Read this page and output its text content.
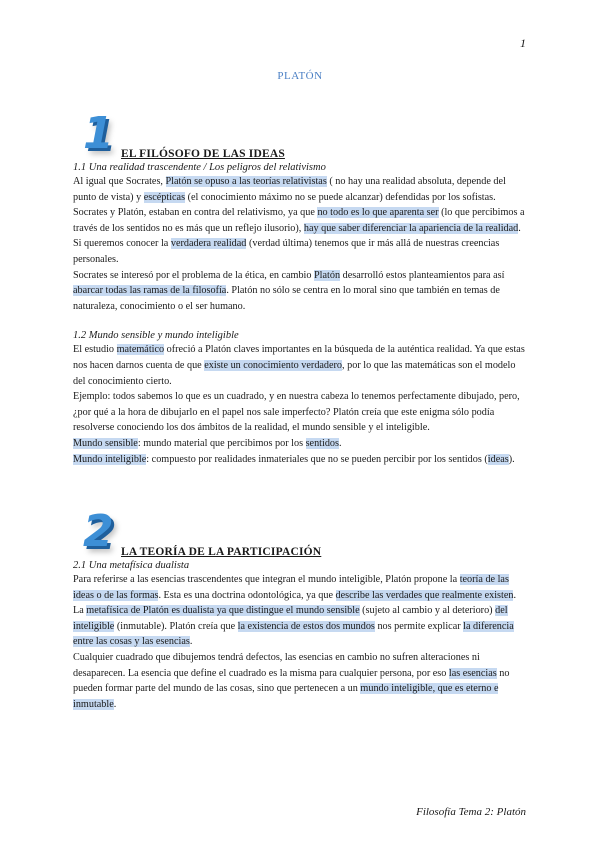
1
PLATÓN
1 EL FILÓSOFO DE LAS IDEAS
1.1 Una realidad trascendente / Los peligros del relativismo

Al igual que Socrates, Platón se opuso a las teorías relativistas ( no hay una realidad absoluta, depende del punto de vista) y escépticas (el conocimiento máximo no se puede alcanzar) defendidas por los sofistas.

Socrates y Platón, estaban en contra del relativismo, ya que no todo es lo que aparenta ser (lo que percibimos a través de los sentidos no es más que un reflejo ilusorio), hay que saber diferenciar la apariencia de la realidad. Si queremos conocer la verdadera realidad (verdad última) tenemos que ir más allá de nuestras creencias personales.

Socrates se interesó por el problema de la ética, en cambio Platón desarrolló estos planteamientos para así abarcar todas las ramas de la filosofía. Platón no sólo se centra en lo moral sino que también en temas de naturaleza, conocimiento o el ser humano.

1.2 Mundo sensible y mundo inteligible

El estudio matemático ofreció a Platón claves importantes en la búsqueda de la auténtica realidad. Ya que estas nos hacen darnos cuenta de que existe un conocimiento verdadero, por lo que las matemáticas son el modelo del conocimiento cierto.

Ejemplo: todos sabemos lo que es un cuadrado, y en nuestra cabeza lo tenemos perfectamente dibujado, pero, ¿por qué a la hora de dibujarlo en el papel nos sale imperfecto? Platón creía que este enigma sólo podía resolverse conociendo los dos ámbitos de la realidad, el mundo sensible y el inteligible.

Mundo sensible: mundo material que percibimos por los sentidos.

Mundo inteligible: compuesto por realidades inmateriales que no se pueden percibir por los sentidos (ideas).

2 LA TEORÍA DE LA PARTICIPACIÓN
2.1 Una metafísica dualista

Para referirse a las esencias trascendentes que integran el mundo inteligible, Platón propone la teoría de las ideas o de las formas. Esta es una doctrina odontológica, ya que describe las verdades que realmente existen. La metafísica de Platón es dualista ya que distingue el mundo sensible (sujeto al cambio y al deterioro) del inteligible (inmutable). Platón creía que la existencia de estos dos mundos nos permite explicar la diferencia entre las cosas y las esencias.

Cualquier cuadrado que dibujemos tendrá defectos, las esencias en cambio no sufren alteraciones ni desaparecen. La esencia que define el cuadrado es la misma para cualquier persona, por eso las esencias no pueden formar parte del mundo de las cosas, sino que pertenecen a un mundo inteligible, que es eterno e inmutable.

Filosofía Tema 2: Platón
